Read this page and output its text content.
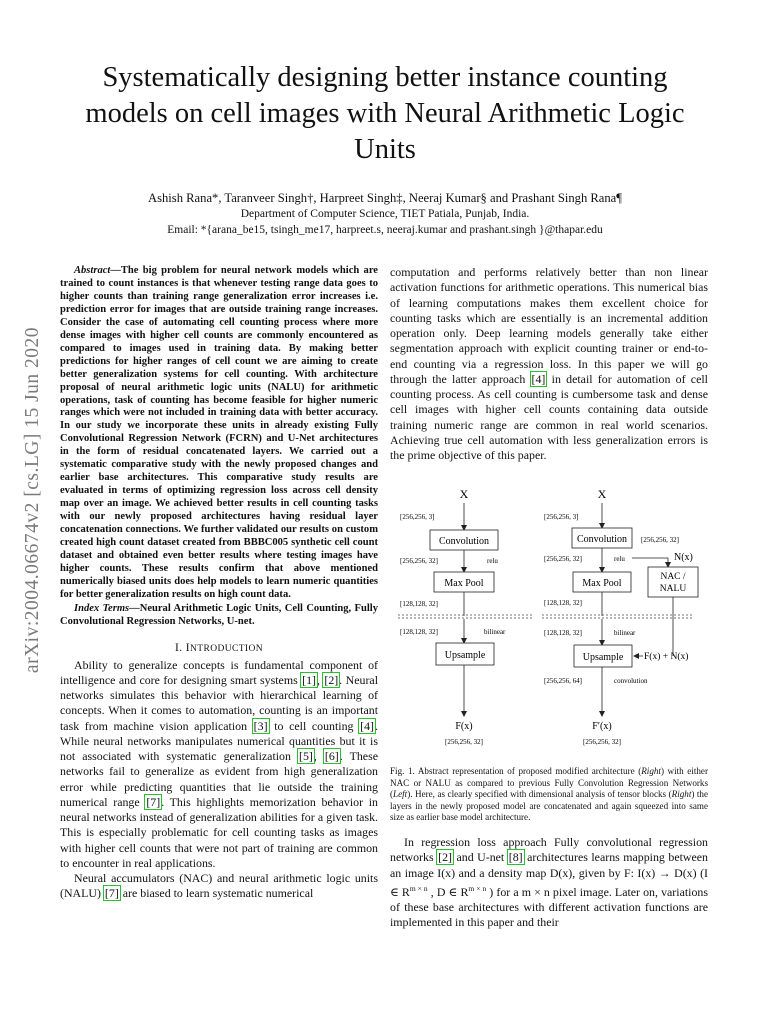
arXiv:2004.06674v2 [cs.LG] 15 Jun 2020
Systematically designing better instance counting models on cell images with Neural Arithmetic Logic Units
Ashish Rana*, Taranveer Singh†, Harpreet Singh‡, Neeraj Kumar§ and Prashant Singh Rana¶
Department of Computer Science, TIET Patiala, Punjab, India.
Email: *{arana_be15, tsingh_me17, harpreet.s, neeraj.kumar and prashant.singh }@thapar.edu

Abstract—The big problem for neural network models which are trained to count instances is that whenever testing range data goes to higher counts than training range generalization error increases i.e. prediction error for images that are outside training range increases. Consider the case of automating cell counting process where more dense images with higher cell counts are commonly encountered as compared to images used in training data. By making better predictions for higher ranges of cell count we are aiming to create better generalization systems for cell counting. With architecture proposal of neural arithmetic logic units (NALU) for arithmetic operations, task of counting has become feasible for higher numeric ranges which were not included in training data with better accuracy. In our study we incorporate these units in already existing Fully Convolutional Regression Network (FCRN) and U-Net architectures in the form of residual concatenated layers. We carried out a systematic comparative study with the newly proposed changes and earlier base architectures. This comparative study results are evaluated in terms of optimizing regression loss across cell density map over an image. We achieved better results in cell counting tasks with our newly proposed architectures having residual layer concatenation connections. We further validated our results on custom created high count dataset created from BBBC005 synthetic cell count dataset and obtained even better results where testing images have higher counts. These results confirm that above mentioned numerically biased units does help models to learn numeric quantities for better generalization results on high count data.

Index Terms—Neural Arithmetic Logic Units, Cell Counting, Fully Convolutional Regression Networks, U-net.

I. INTRODUCTION

Ability to generalize concepts is fundamental component of intelligence and core for designing smart systems [1], [2]. Neural networks simulates this behavior with hierarchical learning of concepts. When it comes to automation, counting is an important task from machine vision application [3] to cell counting [4]. While neural networks manipulates numerical quantities but it is not associated with systematic generalization [5], [6]. These networks fail to generalize as evident from high generalization error while predicting quantities that lie outside the training numerical range [7]. This highlights memorization behavior in neural networks instead of generalization abilities for a given task. This is especially problematic for cell counting tasks as images with higher cell counts that were not part of training are common to encounter in real applications.

Neural accumulators (NAC) and neural arithmetic logic units (NALU) [7] are biased to learn systematic numerical

computation and performs relatively better than non linear activation functions for arithmetic operations. This numerical bias of learning computations makes them excellent choice for counting tasks which are essentially is an incremental addition operation only. Deep learning models generally take either segmentation approach with explicit counting trainer or end-to-end counting via a regression loss. In this paper we will go through the latter approach [4] in detail for automation of cell counting process. As cell counting is cumbersome task and dense cell images with higher cell counts containing data outside training numeric range are common in real world scenarios. Achieving true cell automation with less generalization errors is the prime objective of this paper.

X
[256,256, 3]
Convolution
[256,256, 32]	relu
Max Pool
[128,128, 32]
[128,128, 32]	bilinear
Upsample
F(x)
[256,256, 32]
X
[256,256, 3]
Convolution [256,256, 32]
[256,256, 32]	relu	N(x)
Max Pool
NAC /
NALU
[128,128, 32]
[128,128, 32]	bilinear
Upsample F(x) + N(x)
[256,256, 64]	convolution
F′(x)
[256,256, 32]
Fig. 1. Abstract representation of proposed modified architecture (Right) with either NAC or NALU as compared to previous Fully Convolution Regression Networks (Left). Here, as clearly specified with dimensional analysis of tensor blocks (Right) the layers in the newly proposed model are concatenated and again squeezed into same size as earlier base model architecture.

In regression loss approach Fully convolutional regression networks [2] and U-net [8] architectures learns mapping between an image I(x) and a density map D(x), given by F: I(x) → D(x) (I ∈ $R^{m \times n}$ , D ∈ $R^{m \times n}$ ) for a m × n pixel image. Later on, variations of these base architectures with different activation functions are implemented in this paper and their
